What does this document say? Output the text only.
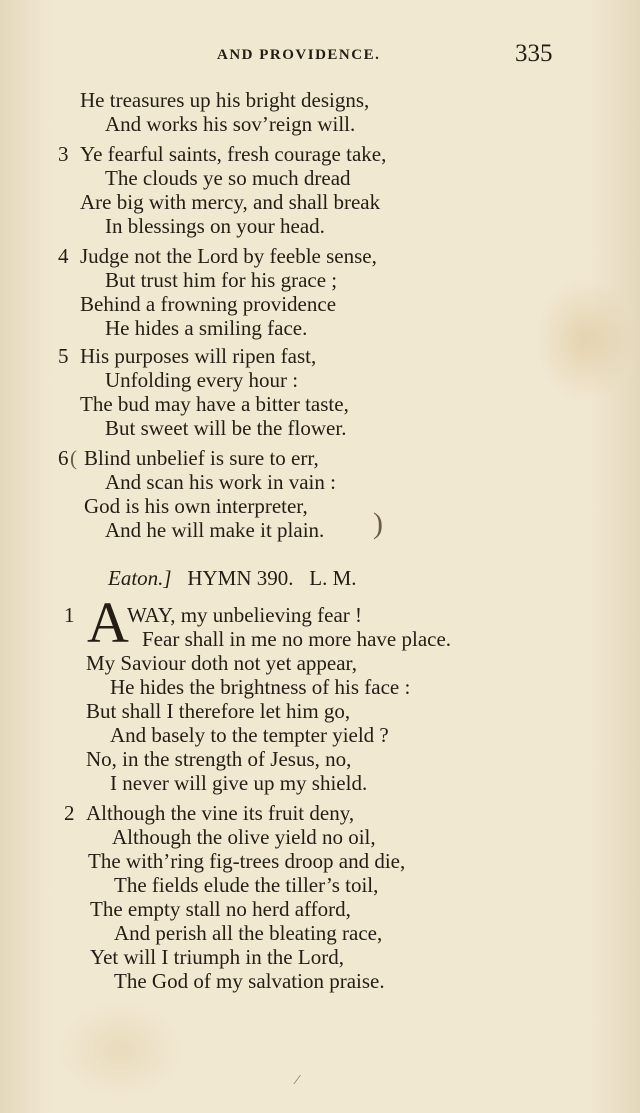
AND PROVIDENCE.	335
He treasures up his bright designs,
And works his sov’reign will.
3 Ye fearful saints, fresh courage take,
The clouds ye so much dread
Are big with mercy, and shall break
In blessings on your head.
4 Judge not the Lord by feeble sense,
But trust him for his grace ;
Behind a frowning providence
He hides a smiling face.
5 His purposes will ripen fast,
Unfolding every hour :
The bud may have a bitter taste,
But sweet will be the flower.
6 ( Blind unbelief is sure to err,
And scan his work in vain :
God is his own interpreter,
And he will make it plain. )
Eaton.] HYMN 390. L. M.
1 A
WAY, my unbelieving fear !
Fear shall in me no more have place.
My Saviour doth not yet appear,
He hides the brightness of his face :
But shall I therefore let him go,
And basely to the tempter yield ?
No, in the strength of Jesus, no,
I never will give up my shield.
2 Although the vine its fruit deny,
Although the olive yield no oil,
The with’ring fig-trees droop and die,
The fields elude the tiller’s toil,
The empty stall no herd afford,
And perish all the bleating race,
Yet will I triumph in the Lord,
The God of my salvation praise.
⁄
